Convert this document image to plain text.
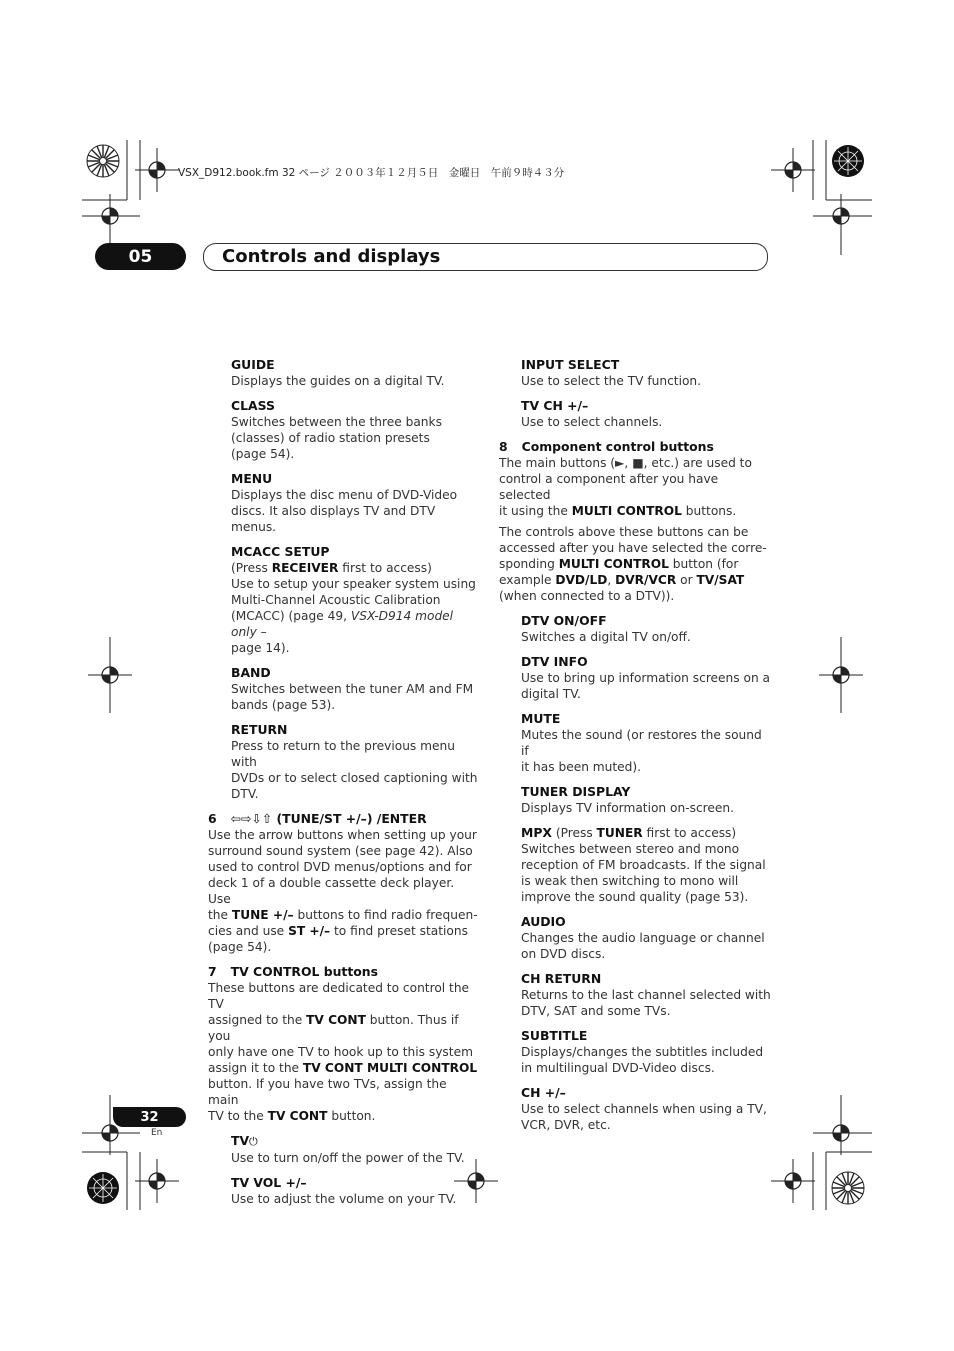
VSX_D912.book.fm 32 ページ ２００３年１２月５日　金曜日　午前９時４３分
05	Controls and displays
GUIDE
Displays the guides on a digital TV.
CLASS
Switches between the three banks
(classes) of radio station presets
(page 54).
MENU
Displays the disc menu of DVD-Video
discs. It also displays TV and DTV menus.
MCACC SETUP
(Press RECEIVER first to access)
Use to setup your speaker system using
Multi-Channel Acoustic Calibration
(MCACC) (page 49, VSX-D914 model only –
page 14).
BAND
Switches between the tuner AM and FM
bands (page 53).
RETURN
Press to return to the previous menu with
DVDs or to select closed captioning with
DTV.
6 ⇦⇨⇩⇧ (TUNE/ST +/–) /ENTER
Use the arrow buttons when setting up your
surround sound system (see page 42). Also
used to control DVD menus/options and for
deck 1 of a double cassette deck player. Use
the TUNE +/– buttons to find radio frequen-
cies and use ST +/– to find preset stations
(page 54).
7 TV CONTROL buttons
These buttons are dedicated to control the TV
assigned to the TV CONT button. Thus if you
only have one TV to hook up to this system
assign it to the TV CONT MULTI CONTROL
button. If you have two TVs, assign the main
TV to the TV CONT button.
TV⏻
Use to turn on/off the power of the TV.
TV VOL +/–
Use to adjust the volume on your TV.
INPUT SELECT
Use to select the TV function.
TV CH +/–
Use to select channels.
8 Component control buttons
The main buttons (►, ■, etc.) are used to
control a component after you have selected
it using the MULTI CONTROL buttons.
The controls above these buttons can be
accessed after you have selected the corre-
sponding MULTI CONTROL button (for
example DVD/LD, DVR/VCR or TV/SAT
(when connected to a DTV)).
DTV ON/OFF
Switches a digital TV on/off.
DTV INFO
Use to bring up information screens on a
digital TV.
MUTE
Mutes the sound (or restores the sound if
it has been muted).
TUNER DISPLAY
Displays TV information on-screen.
MPX (Press TUNER first to access)
Switches between stereo and mono
reception of FM broadcasts. If the signal
is weak then switching to mono will
improve the sound quality (page 53).
AUDIO
Changes the audio language or channel
on DVD discs.
CH RETURN
Returns to the last channel selected with
DTV, SAT and some TVs.
SUBTITLE
Displays/changes the subtitles included
in multilingual DVD-Video discs.
CH +/–
Use to select channels when using a TV,
VCR, DVR, etc.
32
En
